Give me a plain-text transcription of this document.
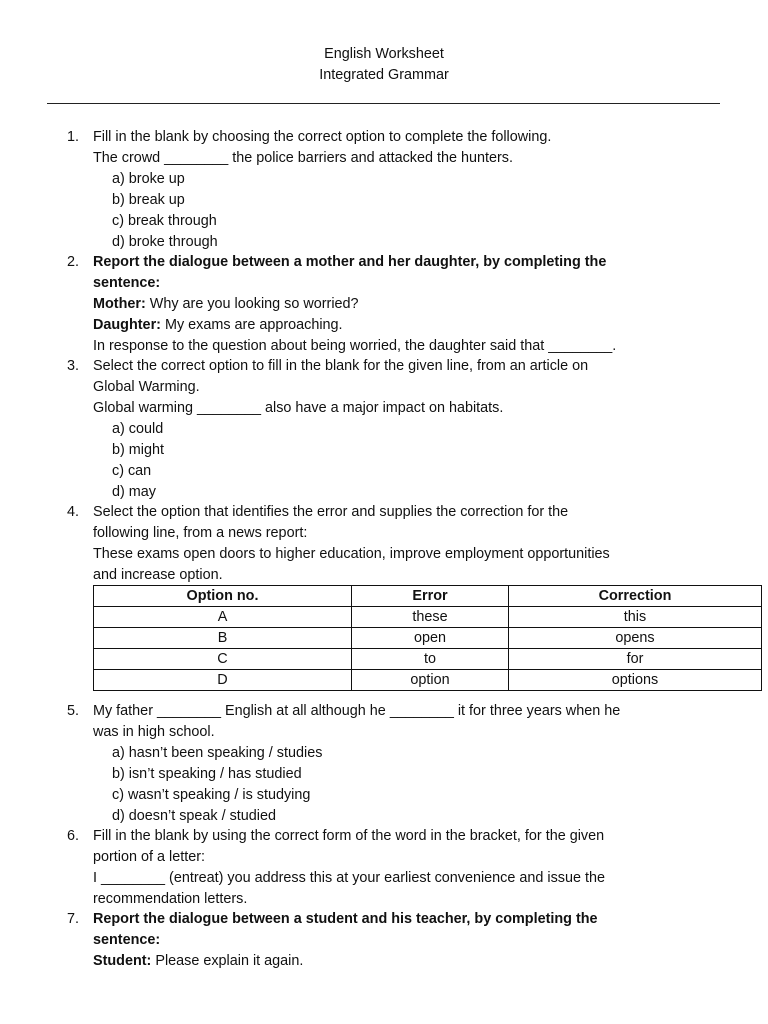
English Worksheet
Integrated Grammar
1. Fill in the blank by choosing the correct option to complete the following.
The crowd ________ the police barriers and attacked the hunters.
a) broke up
b) break up
c) break through
d) broke through
2. Report the dialogue between a mother and her daughter, by completing the
sentence:
Mother: Why are you looking so worried?
Daughter: My exams are approaching.
In response to the question about being worried, the daughter said that ________.
3. Select the correct option to fill in the blank for the given line, from an article on
Global Warming.
Global warming ________ also have a major impact on habitats.
a) could
b) might
c) can
d) may
4. Select the option that identifies the error and supplies the correction for the
following line, from a news report:
These exams open doors to higher education, improve employment opportunities
and increase option.
Option no.	Error	Correction
A	these	this
B	open	opens
C	to	for
D	option	options
5. My father ________ English at all although he ________ it for three years when he
was in high school.
a) hasn’t been speaking / studies
b) isn’t speaking / has studied
c) wasn’t speaking / is studying
d) doesn’t speak / studied
6. Fill in the blank by using the correct form of the word in the bracket, for the given
portion of a letter:
I ________ (entreat) you address this at your earliest convenience and issue the
recommendation letters.
7. Report the dialogue between a student and his teacher, by completing the
sentence:
Student: Please explain it again.
